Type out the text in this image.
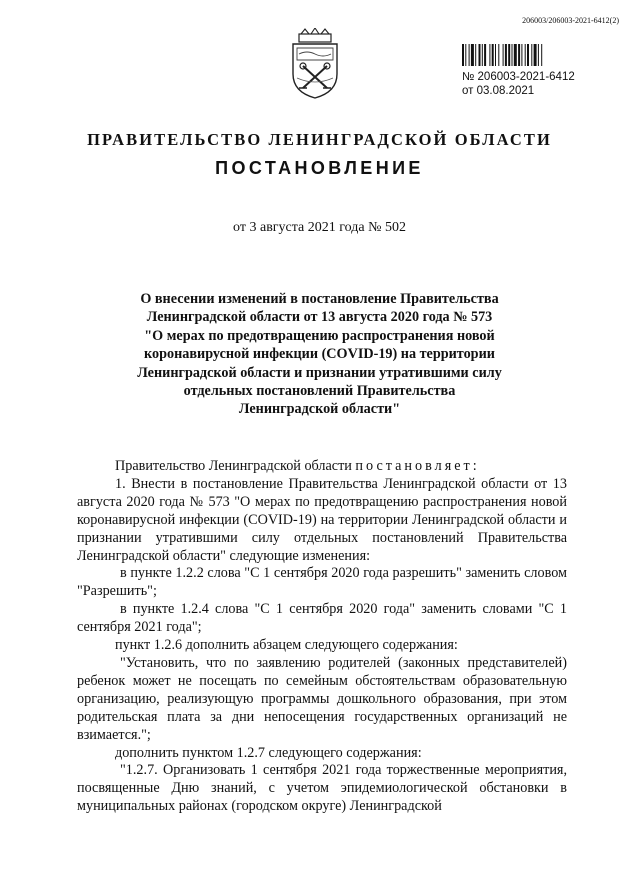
206003/206003-2021-6412(2)
№ 206003-2021-6412
от 03.08.2021
ПРАВИТЕЛЬСТВО ЛЕНИНГРАДСКОЙ ОБЛАСТИ
ПОСТАНОВЛЕНИЕ
от 3 августа 2021 года № 502
О внесении изменений в постановление Правительства
Ленинградской области от 13 августа 2020 года № 573
"О мерах по предотвращению распространения новой
коронавирусной инфекции (COVID-19) на территории
Ленинградской области и признании утратившими силу
отдельных постановлений Правительства
Ленинградской области"

Правительство Ленинградской области постановляет:

1. Внести в постановление Правительства Ленинградской области от 13 августа 2020 года № 573 "О мерах по предотвращению распространения новой коронавирусной инфекции (COVID-19) на территории Ленинградской области и признании утратившими силу отдельных постановлений Правительства Ленинградской области" следующие изменения:

в пункте 1.2.2 слова "С 1 сентября 2020 года разрешить" заменить словом "Разрешить";

в пункте 1.2.4 слова "С 1 сентября 2020 года" заменить словами "С 1 сентября 2021 года";

пункт 1.2.6 дополнить абзацем следующего содержания:

"Установить, что по заявлению родителей (законных представителей) ребенок может не посещать по семейным обстоятельствам образовательную организацию, реализующую программы дошкольного образования, при этом родительская плата за дни непосещения государственных организаций не взимается.";

дополнить пунктом 1.2.7 следующего содержания:

"1.2.7. Организовать 1 сентября 2021 года торжественные мероприятия, посвященные Дню знаний, с учетом эпидемиологической обстановки в муниципальных районах (городском округе) Ленинградской
